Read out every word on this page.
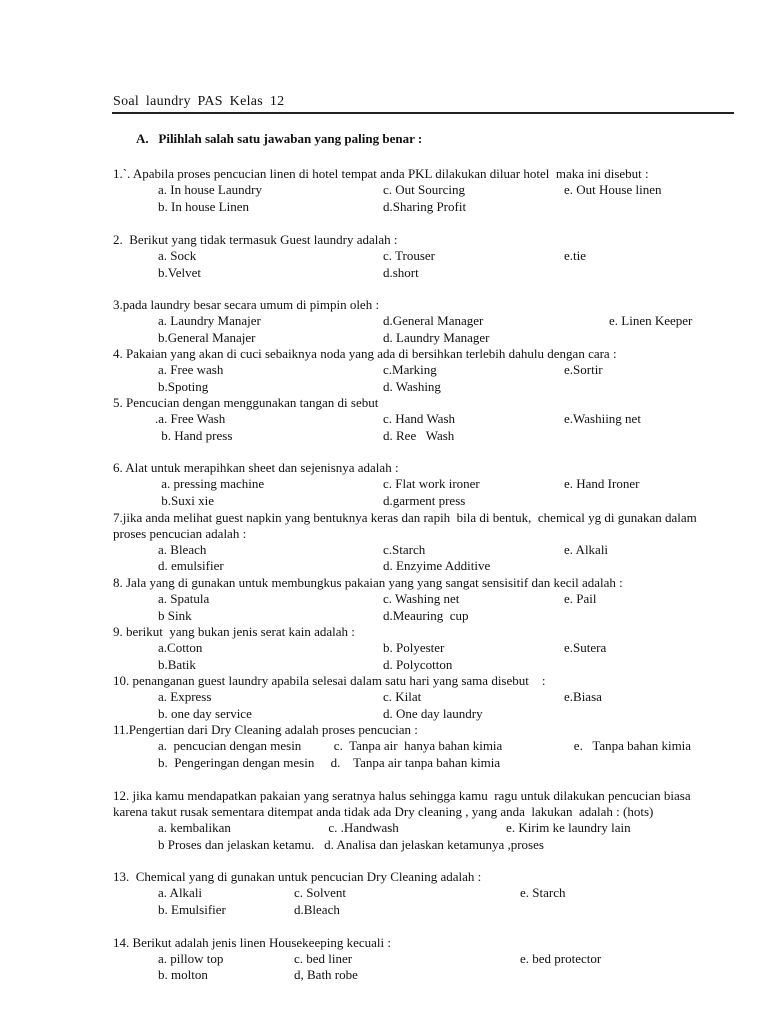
Soal laundry PAS Kelas 12
A.   Pilihlah salah satu jawaban yang paling benar :
1.`. Apabila proses pencucian linen di hotel tempat anda PKL dilakukan diluar hotel  maka ini disebut :
a. In house Laundry	c. Out Sourcing	e. Out House linen
b. In house Linen	d.Sharing Profit
2.  Berikut yang tidak termasuk Guest laundry adalah :
a. Sock	c. Trouser	e.tie
b.Velvet	d.short
3.pada laundry besar secara umum di pimpin oleh :
a. Laundry Manajer	d.General Manager	e. Linen Keeper
b.General Manajer	d. Laundry Manager
4. Pakaian yang akan di cuci sebaiknya noda yang ada di bersihkan terlebih dahulu dengan cara :
a. Free wash	c.Marking	e.Sortir
b.Spoting	d. Washing
5. Pencucian dengan menggunakan tangan di sebut
.a. Free Wash	c. Hand Wash	e.Washiing net
b. Hand press	d. Ree   Wash
6. Alat untuk merapihkan sheet dan sejenisnya adalah :
a. pressing machine	c. Flat work ironer	e. Hand Ironer
b.Suxi xie	d.garment press
7.jika anda melihat guest napkin yang bentuknya keras dan rapih  bila di bentuk,  chemical yg di gunakan dalam
proses pencucian adalah :
a. Bleach	c.Starch	e. Alkali
d. emulsifier	d. Enzyime Additive
8. Jala yang di gunakan untuk membungkus pakaian yang yang sangat sensisitif dan kecil adalah :
a. Spatula	c. Washing net	e. Pail
b Sink	d.Meauring  cup
9. berikut  yang bukan jenis serat kain adalah :
a.Cotton	b. Polyester	e.Sutera
b.Batik	d. Polycotton
10. penanganan guest laundry apabila selesai dalam satu hari yang sama disebut    :
a. Express	c. Kilat	e.Biasa
b. one day service	d. One day laundry
11.Pengertian dari Dry Cleaning adalah proses pencucian :
a.  pencucian dengan mesin          c.  Tanpa air  hanya bahan kimia                      e.   Tanpa bahan kimia
b.  Pengeringan dengan mesin     d.    Tanpa air tanpa bahan kimia
12. jika kamu mendapatkan pakaian yang seratnya halus sehingga kamu  ragu untuk dilakukan pencucian biasa
karena takut rusak sementara ditempat anda tidak ada Dry cleaning , yang anda  lakukan  adalah : (hots)
a. kembalikan                              c. .Handwash                                 e. Kirim ke laundry lain
b Proses dan jelaskan ketamu.   d. Analisa dan jelaskan ketamunya ,proses
13.  Chemical yang di gunakan untuk pencucian Dry Cleaning adalah :
a. Alkali	c. Solvent	e. Starch
b. Emulsifier	d.Bleach
14. Berikut adalah jenis linen Housekeeping kecuali :
a. pillow top	c. bed liner	e. bed protector
b. molton	d, Bath robe
